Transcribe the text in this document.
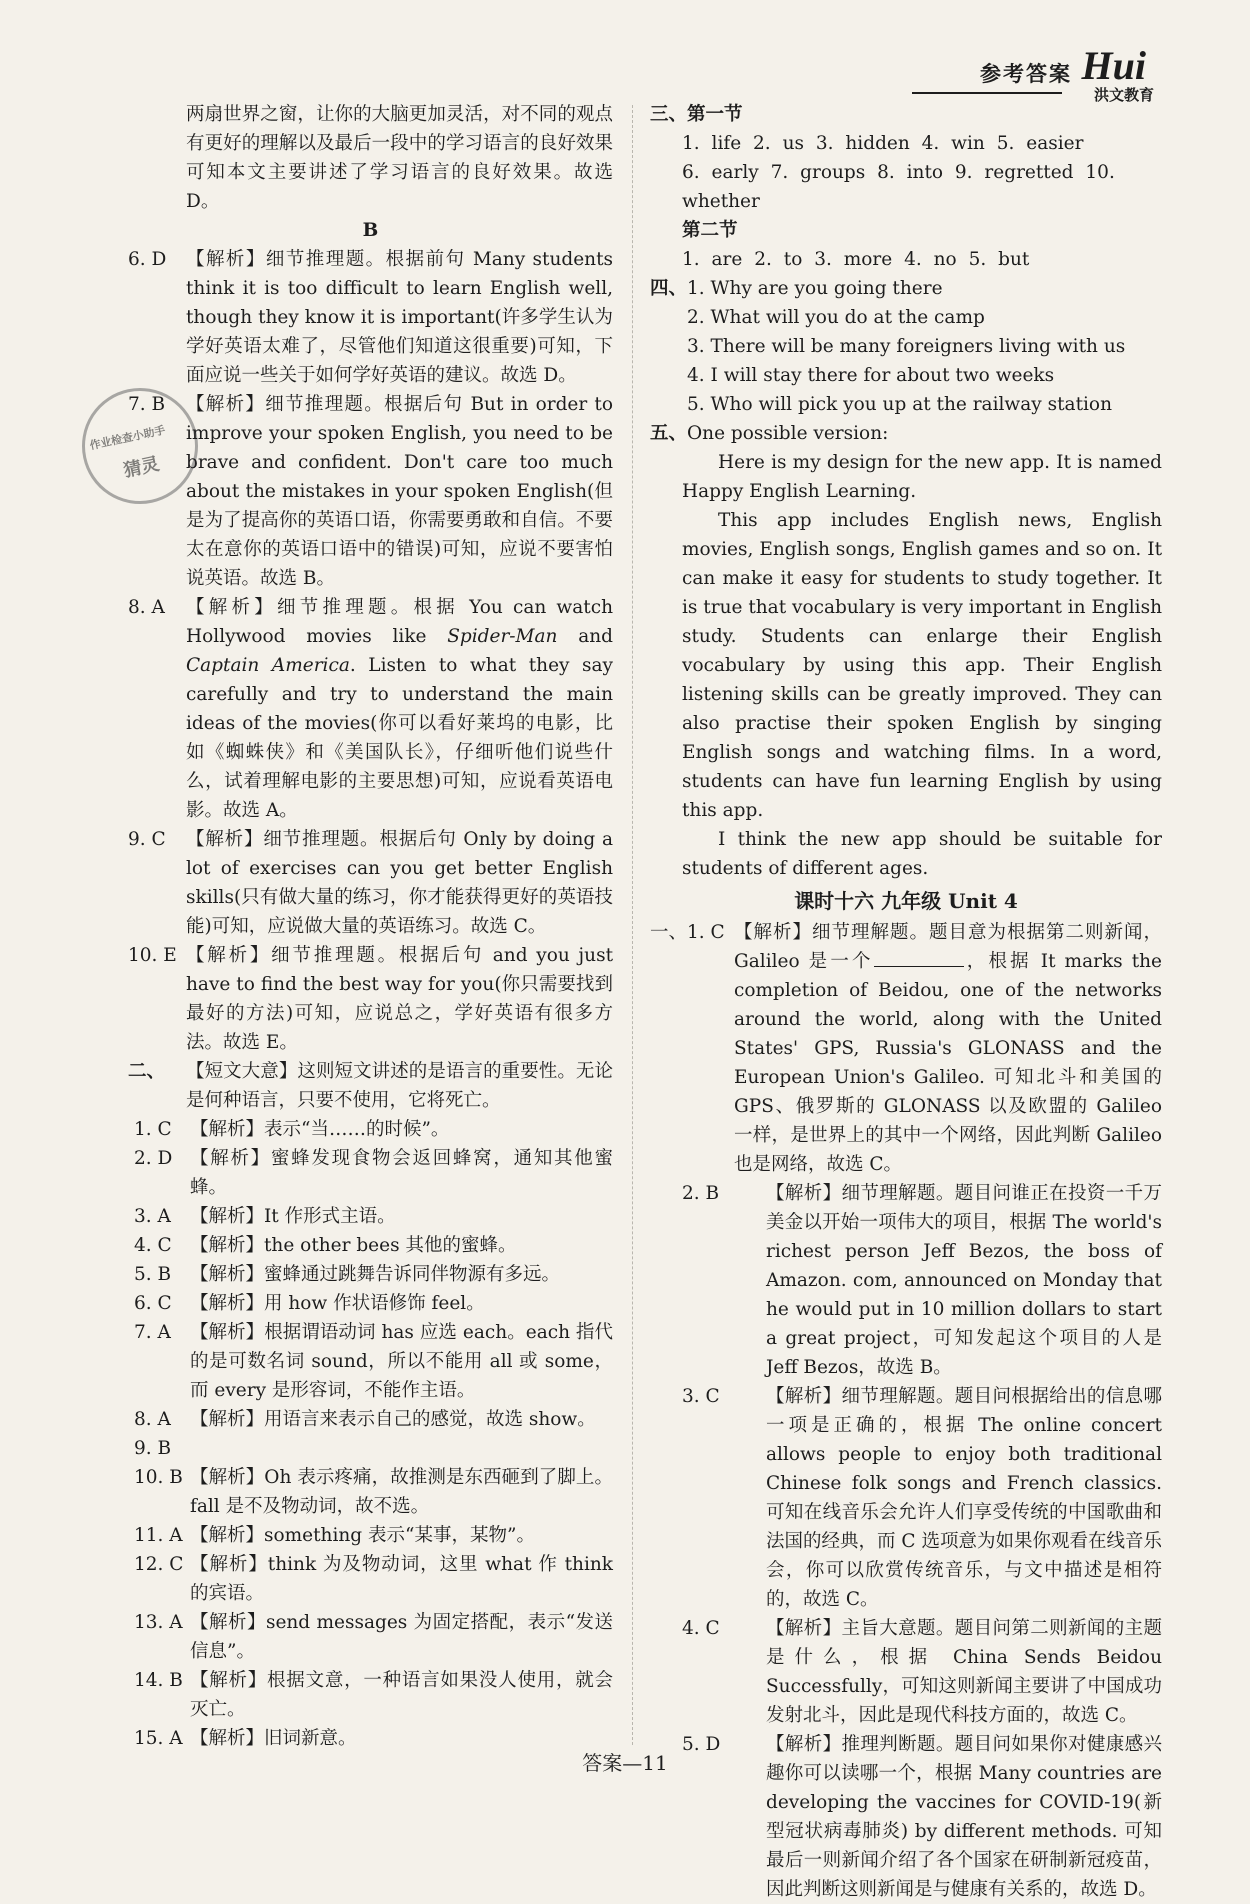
参考答案 Hui
洪文教育
作业检查小助手
猜灵
两扇世界之窗，让你的大脑更加灵活，对不同的观点有更好的理解以及最后一段中的学习语言的良好效果可知本文主要讲述了学习语言的良好效果。故选 D。
B
6. D	【解析】细节推理题。根据前句 Many students think it is too difficult to learn English well, though they know it is important(许多学生认为学好英语太难了，尽管他们知道这很重要)可知，下面应说一些关于如何学好英语的建议。故选 D。
7. B	【解析】细节推理题。根据后句 But in order to improve your spoken English, you need to be brave and confident. Don't care too much about the mistakes in your spoken English(但是为了提高你的英语口语，你需要勇敢和自信。不要太在意你的英语口语中的错误)可知，应说不要害怕说英语。故选 B。
8. A	【解析】细节推理题。根据 You can watch Hollywood movies like Spider-Man and Captain America. Listen to what they say carefully and try to understand the main ideas of the movies(你可以看好莱坞的电影，比如《蜘蛛侠》和《美国队长》，仔细听他们说些什么，试着理解电影的主要思想)可知，应说看英语电影。故选 A。
9. C	【解析】细节推理题。根据后句 Only by doing a lot of exercises can you get better English skills(只有做大量的练习，你才能获得更好的英语技能)可知，应说做大量的英语练习。故选 C。
10. E 【解析】细节推理题。根据后句 and you just have to find the best way for you(你只需要找到最好的方法)可知，应说总之，学好英语有很多方法。故选 E。
二、	【短文大意】这则短文讲述的是语言的重要性。无论是何种语言，只要不使用，它将死亡。
1. C 【解析】表示“当……的时候”。
2. D 【解析】蜜蜂发现食物会返回蜂窝，通知其他蜜蜂。
3. A	【解析】It 作形式主语。
4. C 【解析】the other bees 其他的蜜蜂。
5. B	【解析】蜜蜂通过跳舞告诉同伴物源有多远。
6. C 【解析】用 how 作状语修饰 feel。
7. A	【解析】根据谓语动词 has 应选 each。each 指代的是可数名词 sound，所以不能用 all 或 some，而 every 是形容词，不能作主语。
8. A	【解析】用语言来表示自己的感觉，故选 show。
9. B
10. B 【解析】Oh 表示疼痛，故推测是东西砸到了脚上。fall 是不及物动词，故不选。
11. A 【解析】something 表示“某事，某物”。
12. C 【解析】think 为及物动词，这里 what 作 think 的宾语。
13. A 【解析】send messages 为固定搭配，表示“发送信息”。
14. B 【解析】根据文意，一种语言如果没人使用，就会灭亡。
15. A 【解析】旧词新意。
三、第一节
1. life 2. us 3. hidden 4. win 5. easier
6. early 7. groups 8. into 9. regretted 10. whether
第二节
1. are 2. to 3. more 4. no 5. but
四、 1. Why are you going there
2. What will you do at the camp
3. There will be many foreigners living with us
4. I will stay there for about two weeks
5. Who will pick you up at the railway station
五、 One possible version:
Here is my design for the new app. It is named Happy English Learning.
This app includes English news, English movies, English songs, English games and so on. It can make it easy for students to study together. It is true that vocabulary is very important in English study. Students can enlarge their English vocabulary by using this app. Their English listening skills can be greatly improved. They can also practise their spoken English by singing English songs and watching films. In a word, students can have fun learning English by using this app.
I think the new app should be suitable for students of different ages.
课时十六 九年级 Unit 4
一、1. C 【解析】细节理解题。题目意为根据第二则新闻，Galileo 是一个	，根据 It marks the completion of Beidou, one of the networks around the world, along with the United States' GPS, Russia's GLONASS and the European Union's Galileo. 可知北斗和美国的 GPS、俄罗斯的 GLONASS 以及欧盟的 Galileo 一样，是世界上的其中一个网络，因此判断 Galileo 也是网络，故选 C。
2. B	【解析】细节理解题。题目问谁正在投资一千万美金以开始一项伟大的项目，根据 The world's richest person Jeff Bezos, the boss of Amazon. com, announced on Monday that he would put in 10 million dollars to start a great project，可知发起这个项目的人是 Jeff Bezos，故选 B。
3. C	【解析】细节理解题。题目问根据给出的信息哪一项是正确的，根据 The online concert allows people to enjoy both traditional Chinese folk songs and French classics. 可知在线音乐会允许人们享受传统的中国歌曲和法国的经典，而 C 选项意为如果你观看在线音乐会，你可以欣赏传统音乐，与文中描述是相符的，故选 C。
4. C	【解析】主旨大意题。题目问第二则新闻的主题是什么，根据 China Sends Beidou Successfully，可知这则新闻主要讲了中国成功发射北斗，因此是现代科技方面的，故选 C。
5. D	【解析】推理判断题。题目问如果你对健康感兴趣你可以读哪一个，根据 Many countries are developing the vaccines for COVID-19(新型冠状病毒肺炎) by different methods. 可知最后一则新闻介绍了各个国家在研制新冠疫苗，因此判断这则新闻是与健康有关系的，故选 D。
答案—11
